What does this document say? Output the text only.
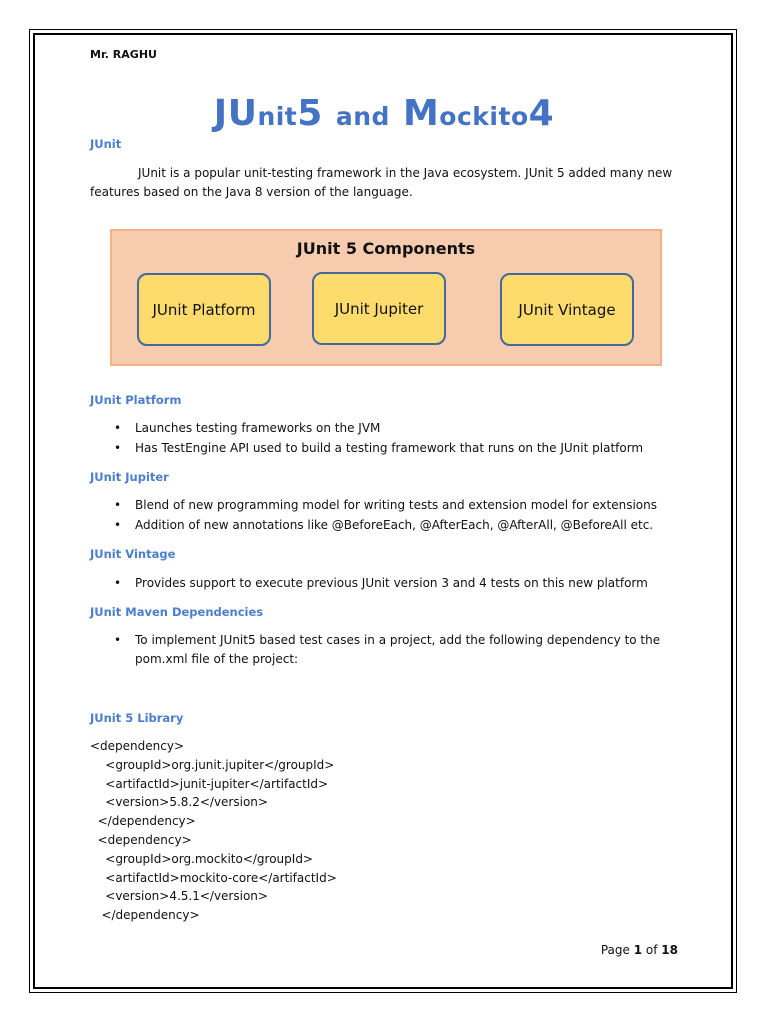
Mr. RAGHU
JUnit5 and Mockito4
JUnit
JUnit is a popular unit-testing framework in the Java ecosystem. JUnit 5 added many new
features based on the Java 8 version of the language.
JUnit 5 Components
JUnit Platform	JUnit Jupiter	JUnit Vintage
JUnit Platform
• Launches testing frameworks on the JVM
• Has TestEngine API used to build a testing framework that runs on the JUnit platform
JUnit Jupiter
• Blend of new programming model for writing tests and extension model for extensions
• Addition of new annotations like @BeforeEach, @AfterEach, @AfterAll, @BeforeAll etc.
JUnit Vintage
• Provides support to execute previous JUnit version 3 and 4 tests on this new platform
JUnit Maven Dependencies
• To implement JUnit5 based test cases in a project, add the following dependency to the
pom.xml file of the project:
JUnit 5 Library
<dependency>
<groupId>org.junit.jupiter</groupId>
<artifactId>junit-jupiter</artifactId>
<version>5.8.2</version>
</dependency>
<dependency>
<groupId>org.mockito</groupId>
<artifactId>mockito-core</artifactId>
<version>4.5.1</version>
</dependency>
Page 1 of 18
